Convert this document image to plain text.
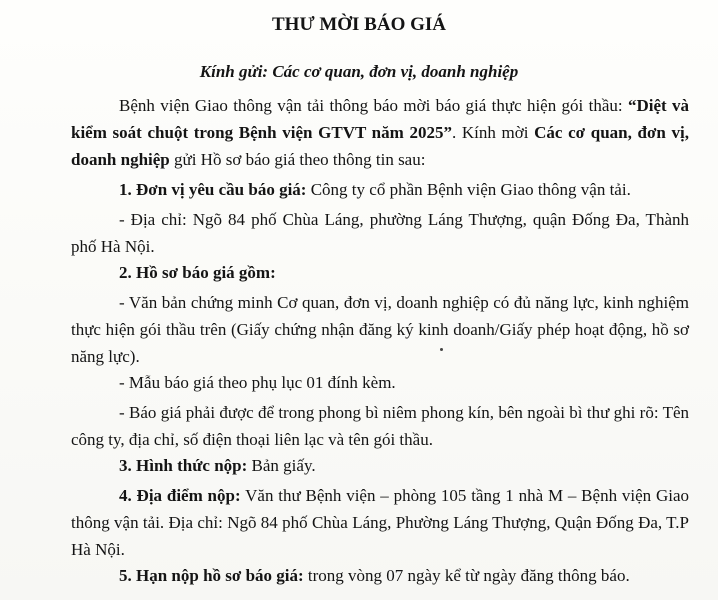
THƯ MỜI BÁO GIÁ
Kính gửi: Các cơ quan, đơn vị, doanh nghiệp
Bệnh viện Giao thông vận tải thông báo mời báo giá thực hiện gói thầu: “Diệt và kiểm soát chuột trong Bệnh viện GTVT năm 2025”. Kính mời Các cơ quan, đơn vị, doanh nghiệp gửi Hồ sơ báo giá theo thông tin sau:
1. Đơn vị yêu cầu báo giá: Công ty cổ phần Bệnh viện Giao thông vận tải.
- Địa chỉ: Ngõ 84 phố Chùa Láng, phường Láng Thượng, quận Đống Đa, Thành phố Hà Nội.
2. Hồ sơ báo giá gồm:
- Văn bản chứng minh Cơ quan, đơn vị, doanh nghiệp có đủ năng lực, kinh nghiệm thực hiện gói thầu trên (Giấy chứng nhận đăng ký kinh doanh/Giấy phép hoạt động, hồ sơ năng lực).
- Mẫu báo giá theo phụ lục 01 đính kèm.
- Báo giá phải được để trong phong bì niêm phong kín, bên ngoài bì thư ghi rõ: Tên công ty, địa chỉ, số điện thoại liên lạc và tên gói thầu.
3. Hình thức nộp: Bản giấy.
4. Địa điểm nộp: Văn thư Bệnh viện – phòng 105 tầng 1 nhà M – Bệnh viện Giao thông vận tải. Địa chỉ: Ngõ 84 phố Chùa Láng, Phường Láng Thượng, Quận Đống Đa, T.P Hà Nội.
5. Hạn nộp hồ sơ báo giá: trong vòng 07 ngày kể từ ngày đăng thông báo.
